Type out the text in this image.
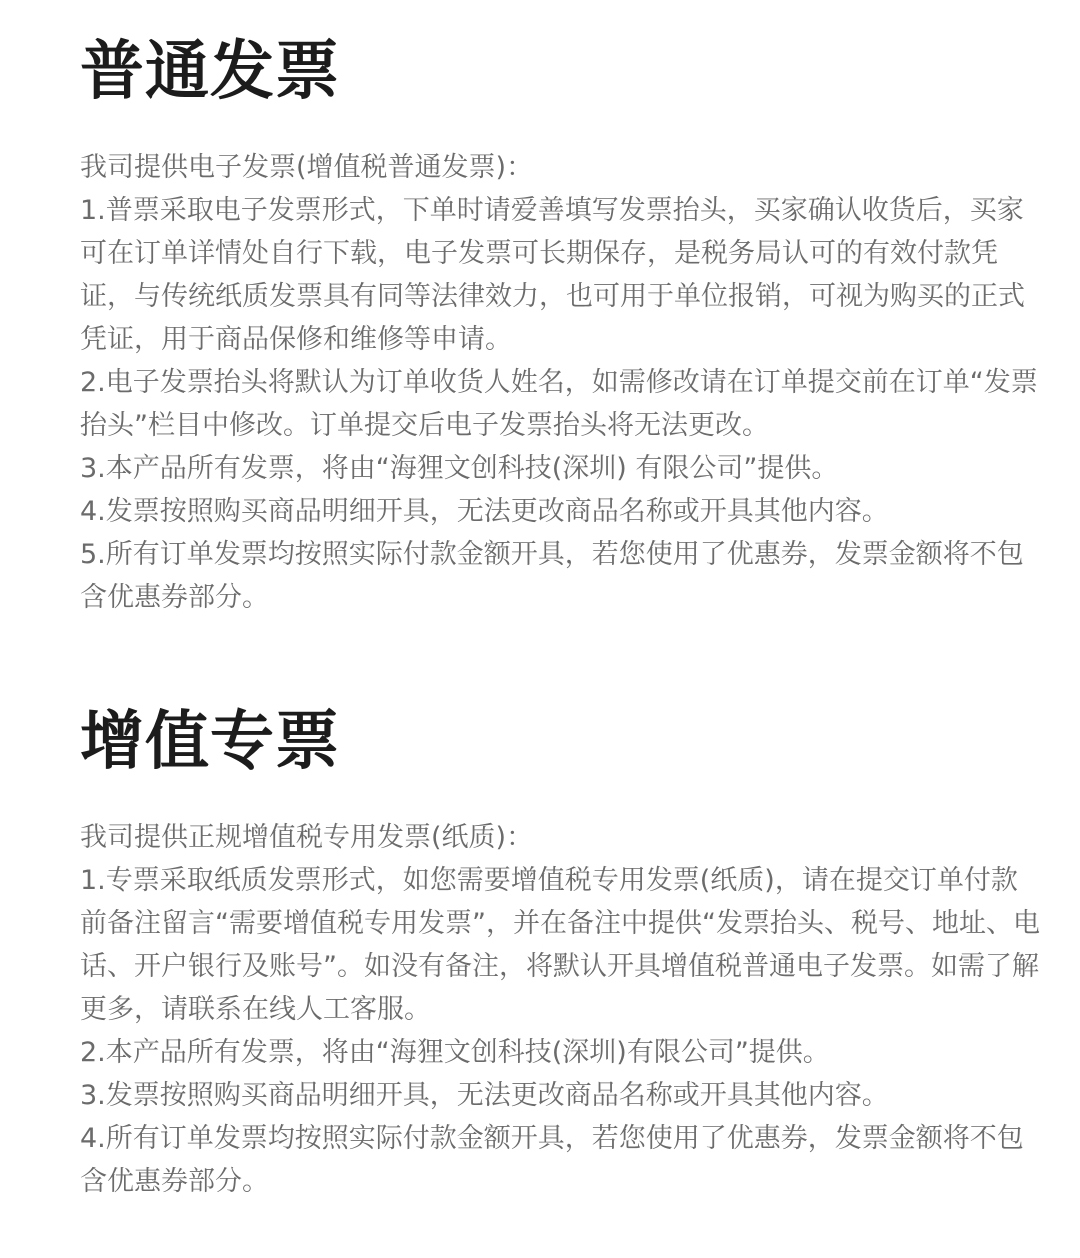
普通发票

我司提供电子发票(增值税普通发票)：

1.普票采取电子发票形式，下单时请爱善填写发票抬头，买家确认收货后，买家可在订单详情处自行下载，电子发票可长期保存，是税务局认可的有效付款凭证，与传统纸质发票具有同等法律效力，也可用于单位报销，可视为购买的正式凭证，用于商品保修和维修等申请。

2.电子发票抬头将默认为订单收货人姓名，如需修改请在订单提交前在订单“发票抬头”栏目中修改。订单提交后电子发票抬头将无法更改。

3.本产品所有发票，将由“海狸文创科技(深圳) 有限公司”提供。

4.发票按照购买商品明细开具，无法更改商品名称或开具其他内容。

5.所有订单发票均按照实际付款金额开具，若您使用了优惠券，发票金额将不包含优惠券部分。

增值专票

我司提供正规增值税专用发票(纸质)：

1.专票采取纸质发票形式，如您需要增值税专用发票(纸质)，请在提交订单付款前备注留言“需要增值税专用发票”，并在备注中提供“发票抬头、税号、地址、电话、开户银行及账号”。如没有备注，将默认开具增值税普通电子发票。如需了解更多，请联系在线人工客服。

2.本产品所有发票，将由“海狸文创科技(深圳)有限公司”提供。

3.发票按照购买商品明细开具，无法更改商品名称或开具其他内容。

4.所有订单发票均按照实际付款金额开具，若您使用了优惠券，发票金额将不包含优惠券部分。
